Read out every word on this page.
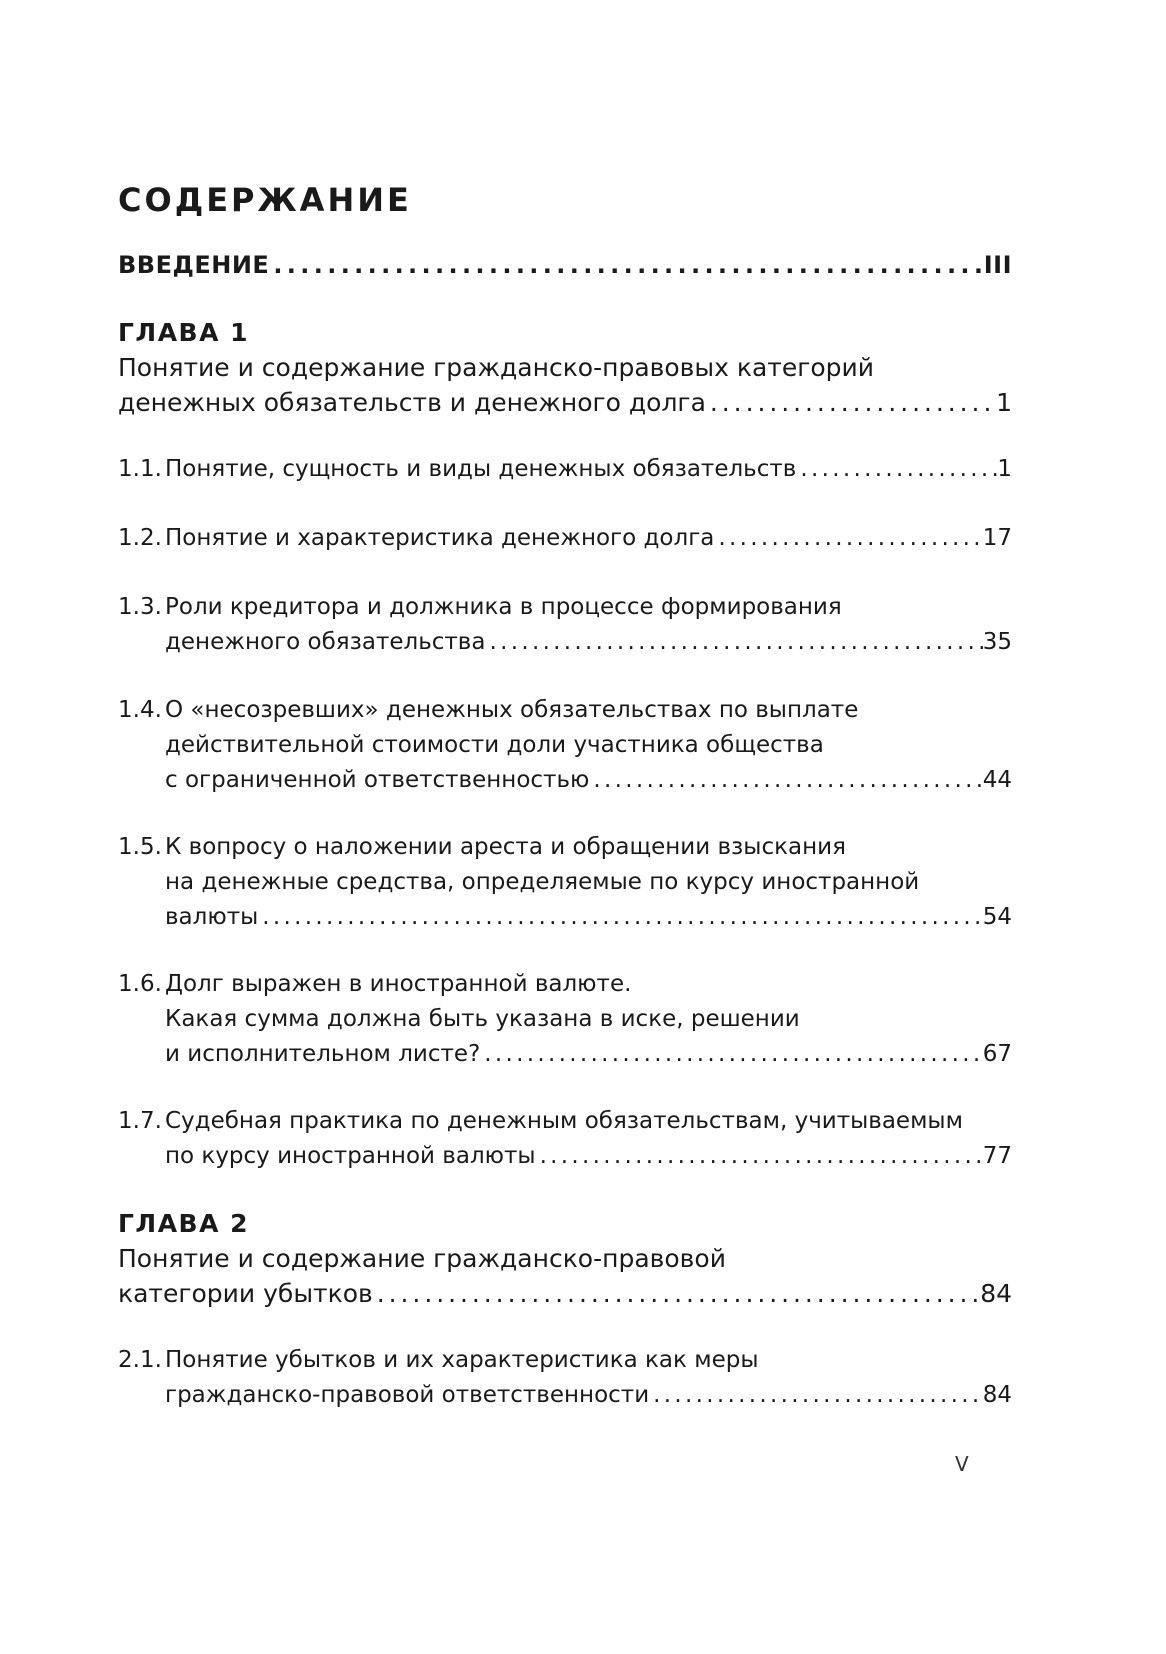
СОДЕРЖАНИЕ
ВВЕДЕНИЕ . . .	III
ГЛАВА 1
Понятие и содержание гражданско-правовых категорий
денежных обязательств и денежного долга . . .	1
1.1. Понятие, сущность и виды денежных обязательств . . .	1
1.2. Понятие и характеристика денежного долга . . .	17
1.3. Роли кредитора и должника в процессе формирования
денежного обязательства . . .	35
1.4. О «несозревших» денежных обязательствах по выплате
действительной стоимости доли участника общества
с ограниченной ответственностью . . .	44
1.5. К вопросу о наложении ареста и обращении взыскания
на денежные средства, определяемые по курсу иностранной
валюты . . .	54
1.6. Долг выражен в иностранной валюте.
Какая сумма должна быть указана в иске, решении
и исполнительном листе? . . .	67
1.7. Судебная практика по денежным обязательствам, учитываемым
по курсу иностранной валюты . . .	77
ГЛАВА 2
Понятие и содержание гражданско-правовой
категории убытков . . .	84
2.1. Понятие убытков и их характеристика как меры
гражданско-правовой ответственности . . .	84
V
